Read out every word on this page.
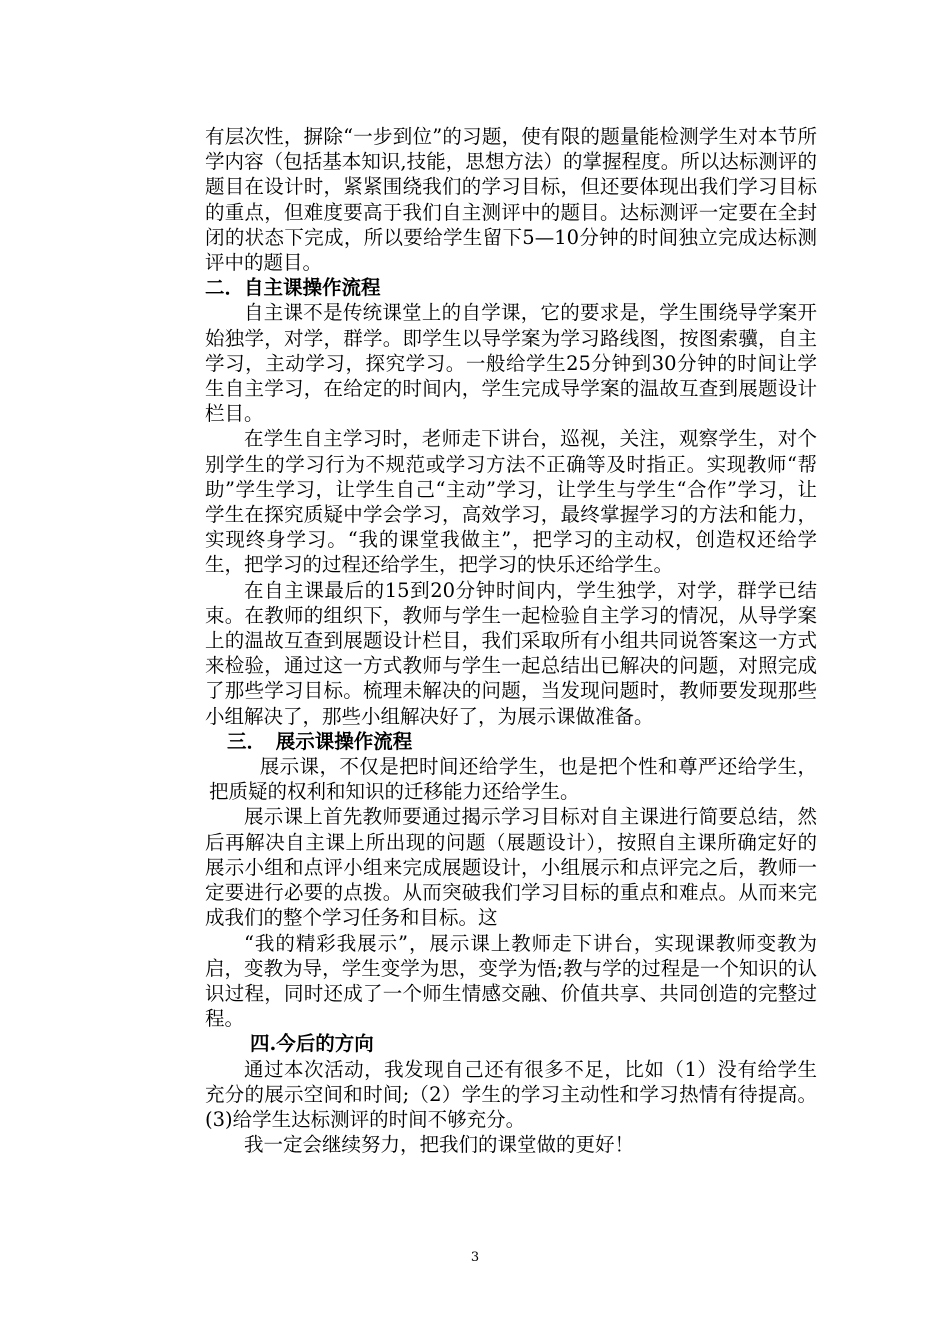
有层次性，摒除“一步到位”的习题，使有限的题量能检测学生对本节所学内容（包括基本知识,技能，思想方法）的掌握程度。所以达标测评的题目在设计时，紧紧围绕我们的学习目标，但还要体现出我们学习目标的重点，但难度要高于我们自主测评中的题目。达标测评一定要在全封闭的状态下完成，所以要给学生留下5—10分钟的时间独立完成达标测评中的题目。

二．自主课操作流程

自主课不是传统课堂上的自学课，它的要求是，学生围绕导学案开始独学，对学，群学。即学生以导学案为学习路线图，按图索骥，自主学习，主动学习，探究学习。一般给学生25分钟到30分钟的时间让学生自主学习，在给定的时间内，学生完成导学案的温故互查到展题设计栏目。

在学生自主学习时，老师走下讲台，巡视，关注，观察学生，对个别学生的学习行为不规范或学习方法不正确等及时指正。实现教师“帮助”学生学习，让学生自己“主动”学习，让学生与学生“合作”学习，让学生在探究质疑中学会学习，高效学习，最终掌握学习的方法和能力，实现终身学习。“我的课堂我做主”，把学习的主动权，创造权还给学生，把学习的过程还给学生，把学习的快乐还给学生。

在自主课最后的15到20分钟时间内，学生独学，对学，群学已结束。在教师的组织下，教师与学生一起检验自主学习的情况，从导学案上的温故互查到展题设计栏目，我们采取所有小组共同说答案这一方式来检验，通过这一方式教师与学生一起总结出已解决的问题，对照完成了那些学习目标。梳理未解决的问题，当发现问题时，教师要发现那些小组解决了，那些小组解决好了，为展示课做准备。

三．　展示课操作流程

展示课，不仅是把时间还给学生，也是把个性和尊严还给学生，把质疑的权利和知识的迁移能力还给学生。

展示课上首先教师要通过揭示学习目标对自主课进行简要总结，然后再解决自主课上所出现的问题（展题设计），按照自主课所确定好的展示小组和点评小组来完成展题设计，小组展示和点评完之后，教师一定要进行必要的点拨。从而突破我们学习目标的重点和难点。从而来完成我们的整个学习任务和目标。这

“我的精彩我展示”，展示课上教师走下讲台，实现课教师变教为启，变教为导，学生变学为思，变学为悟;教与学的过程是一个知识的认识过程，同时还成了一个师生情感交融、价值共享、共同创造的完整过程。

四.今后的方向

通过本次活动，我发现自己还有很多不足，比如（1）没有给学生充分的展示空间和时间;（2）学生的学习主动性和学习热情有待提高。(3)给学生达标测评的时间不够充分。

我一定会继续努力，把我们的课堂做的更好！

3
